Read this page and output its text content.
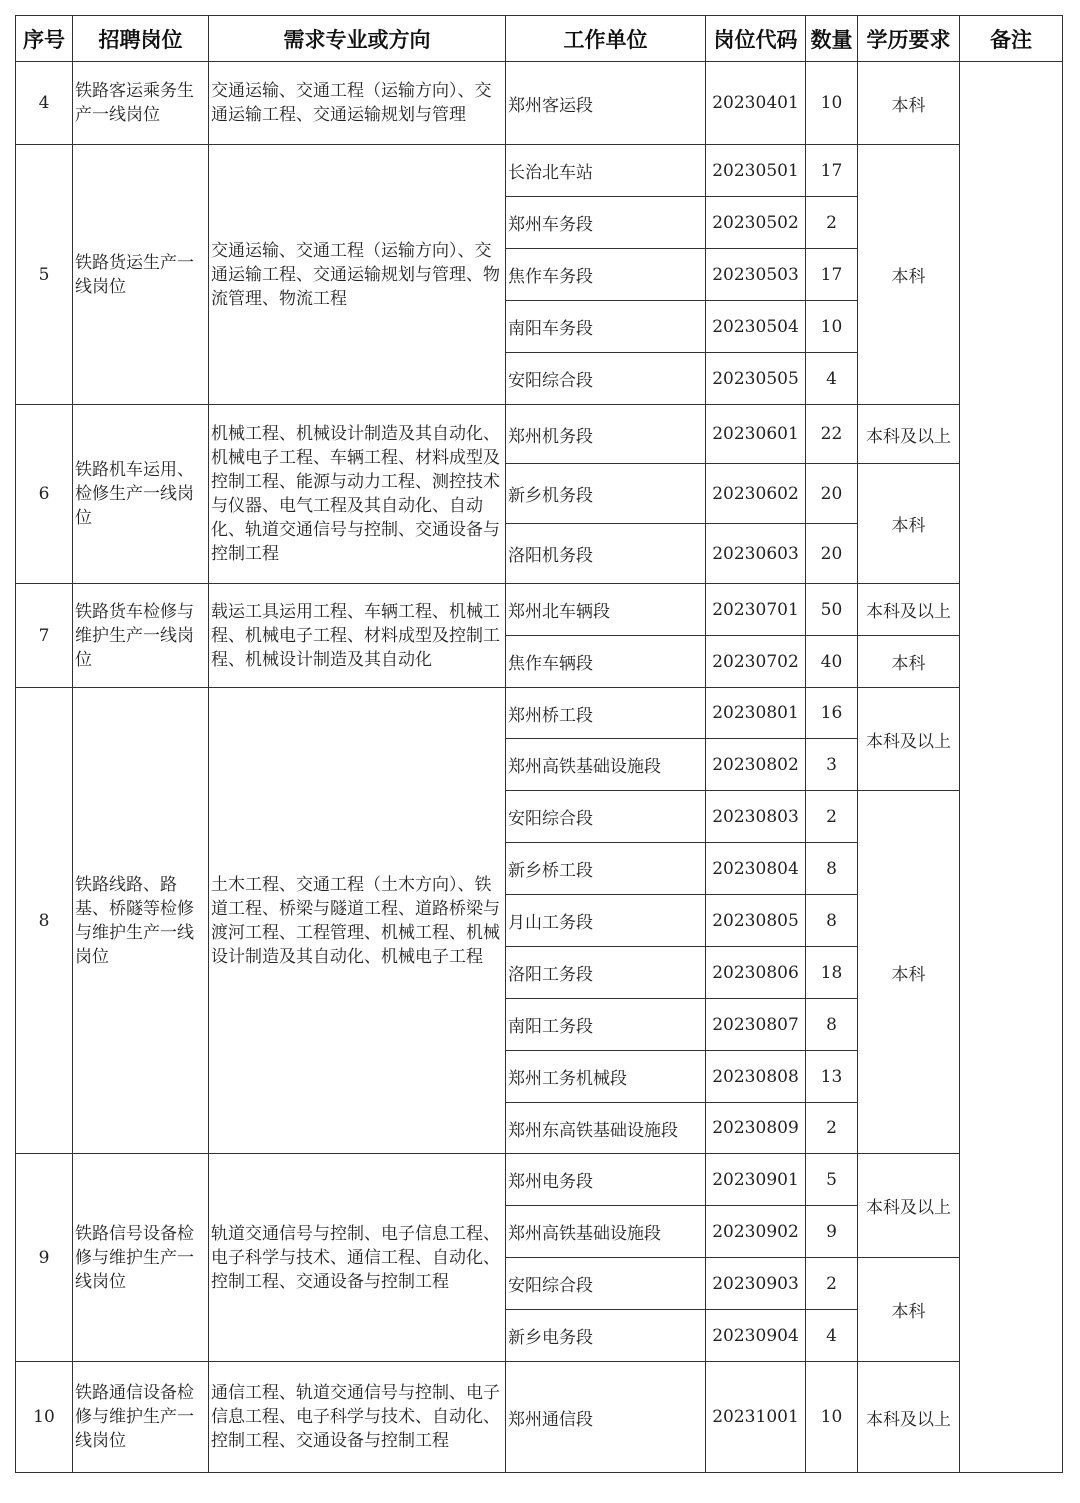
序号	招聘岗位	需求专业或方向	工作单位	岗位代码	数量	学历要求	备注
4	铁路客运乘务生产一线岗位	交通运输、交通工程（运输方向）、交通运输工程、交通运输规划与管理	郑州客运段	20230401	10	本科	
5	铁路货运生产一线岗位	交通运输、交通工程（运输方向）、交通运输工程、交通运输规划与管理、物流管理、物流工程	长治北车站	20230501	17	本科	
			郑州车务段	20230502	2		
			焦作车务段	20230503	17		
			南阳车务段	20230504	10		
			安阳综合段	20230505	4		
6	铁路机车运用、检修生产一线岗位	机械工程、机械设计制造及其自动化、机械电子工程、车辆工程、材料成型及控制工程、能源与动力工程、测控技术与仪器、电气工程及其自动化、自动化、轨道交通信号与控制、交通设备与控制工程	郑州机务段	20230601	22	本科及以上	
			新乡机务段	20230602	20	本科	
			洛阳机务段	20230603	20		
7	铁路货车检修与维护生产一线岗位	载运工具运用工程、车辆工程、机械工程、机械电子工程、材料成型及控制工程、机械设计制造及其自动化	郑州北车辆段	20230701	50	本科及以上	
			焦作车辆段	20230702	40	本科	
8	铁路线路、路基、桥隧等检修与维护生产一线岗位	土木工程、交通工程（土木方向）、铁道工程、桥梁与隧道工程、道路桥梁与渡河工程、工程管理、机械工程、机械设计制造及其自动化、机械电子工程	郑州桥工段	20230801	16	本科及以上	
			郑州高铁基础设施段	20230802	3		
			安阳综合段	20230803	2	本科	
			新乡桥工段	20230804	8		
			月山工务段	20230805	8		
			洛阳工务段	20230806	18		
			南阳工务段	20230807	8		
			郑州工务机械段	20230808	13		
			郑州东高铁基础设施段	20230809	2		
9	铁路信号设备检修与维护生产一线岗位	轨道交通信号与控制、电子信息工程、电子科学与技术、通信工程、自动化、控制工程、交通设备与控制工程	郑州电务段	20230901	5	本科及以上	
			郑州高铁基础设施段	20230902	9		
			安阳综合段	20230903	2	本科	
			新乡电务段	20230904	4		
10	铁路通信设备检修与维护生产一线岗位	通信工程、轨道交通信号与控制、电子信息工程、电子科学与技术、自动化、控制工程、交通设备与控制工程	郑州通信段	20231001	10	本科及以上	
